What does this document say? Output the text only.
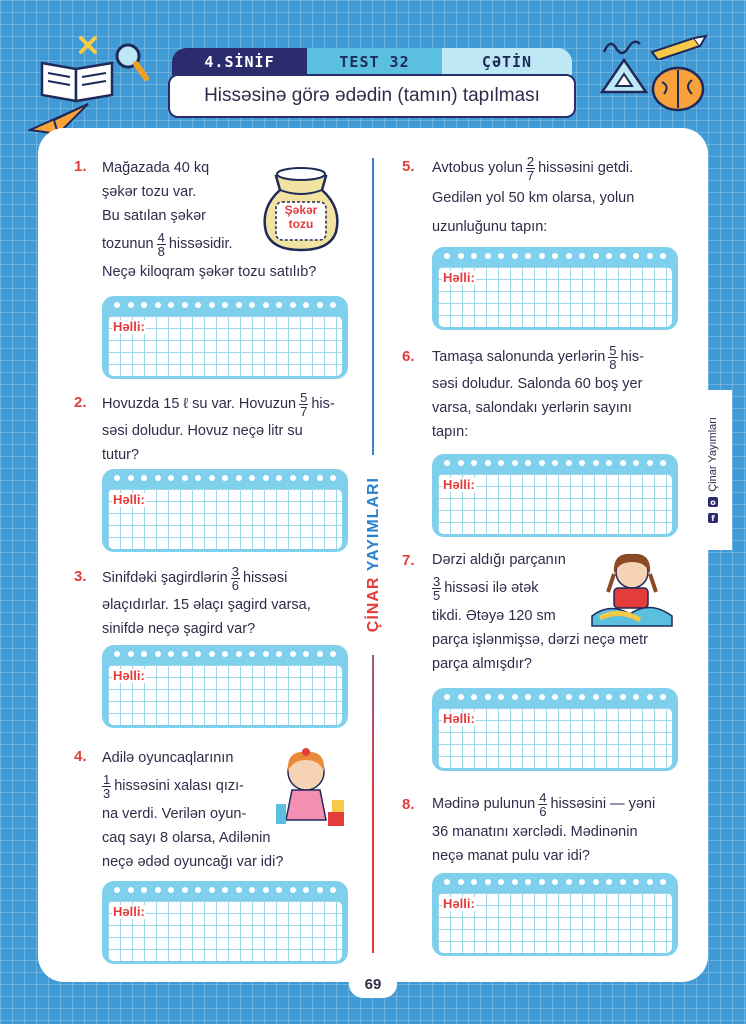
4.SİNİF	TEST 32	ÇƏTİN
Hissəsinə görə ədədin (tamın) tapılması
ÇİNAR YAYIMLARI
Çinar Yayımları
o
f
1. Mağazada 40 kq
şəkər tozu var.
Bu satılan şəkər
tozunun $\frac{4}{8}$ hissəsidir.
Neçə kiloqram şəkər tozu satılıb?
Şəkər tozu
Həlli:
2. Hovuzda 15 ℓ su var. Hovuzun $\frac{5}{7} his-$
səsi doludur. Hovuz neçə litr su
tutur?
Həlli:
3. Sinifdəki şagirdlərin $\frac{3}{6}$ hissəsi
əlaçıdırlar. 15 əlaçı şagird varsa,
sinifdə neçə şagird var?
Həlli:
4. Adilə oyuncaqlarının
$\frac{1}{3}$ hissəsini xalası qızı-
na verdi. Verilən oyun-
caq sayı 8 olarsa, Adilənin
neçə ədəd oyuncağı var idi?
Həlli:
5. Avtobus yolun $\frac{2}{7}$ hissəsini getdi.
Gedilən yol 50 km olarsa, yolun
uzunluğunu tapın:
Həlli:
6. Tamaşa salonunda yerlərin $\frac{5}{8} his-$
səsi doludur. Salonda 60 boş yer
varsa, salondakı yerlərin sayını
tapın:
Həlli:
7. Dərzi aldığı parçanın
$\frac{3}{5}$ hissəsi ilə ətək
tikdi. Ətəyə 120 sm
parça işlənmişsə, dərzi neçə metr
parça almışdır?
Həlli:
8. Mədinə pulunun $\frac{4}{6}$ hissəsini — yəni
36 manatını xərclədi. Mədinənin
neçə manat pulu var idi?
Həlli:
69
